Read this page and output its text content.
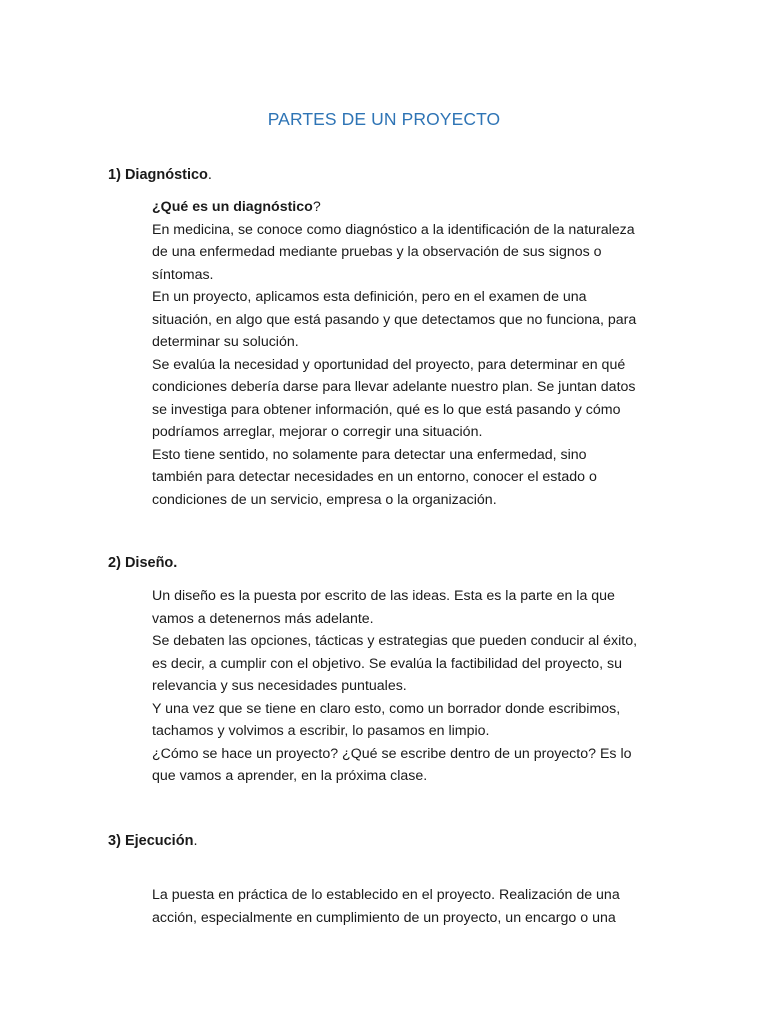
PARTES DE UN PROYECTO
1) Diagnóstico.
¿Qué es un diagnóstico?
En medicina, se conoce como diagnóstico a la identificación de la naturaleza
de una enfermedad mediante pruebas y la observación de sus signos o
síntomas.
En un proyecto, aplicamos esta definición, pero en el examen de una
situación, en algo que está pasando y que detectamos que no funciona, para
determinar su solución.
Se evalúa la necesidad y oportunidad del proyecto, para determinar en qué
condiciones debería darse para llevar adelante nuestro plan. Se juntan datos
se investiga para obtener información, qué es lo que está pasando y cómo
podríamos arreglar, mejorar o corregir una situación.
Esto tiene sentido, no solamente para detectar una enfermedad, sino
también para detectar necesidades en un entorno, conocer el estado o
condiciones de un servicio, empresa o la organización.
2) Diseño.
Un diseño es la puesta por escrito de las ideas. Esta es la parte en la que
vamos a detenernos más adelante.
Se debaten las opciones, tácticas y estrategias que pueden conducir al éxito,
es decir, a cumplir con el objetivo. Se evalúa la factibilidad del proyecto, su
relevancia y sus necesidades puntuales.
Y una vez que se tiene en claro esto, como un borrador donde escribimos,
tachamos y volvimos a escribir, lo pasamos en limpio.
¿Cómo se hace un proyecto? ¿Qué se escribe dentro de un proyecto? Es lo
que vamos a aprender, en la próxima clase.
3) Ejecución.
La puesta en práctica de lo establecido en el proyecto. Realización de una
acción, especialmente en cumplimiento de un proyecto, un encargo o una
